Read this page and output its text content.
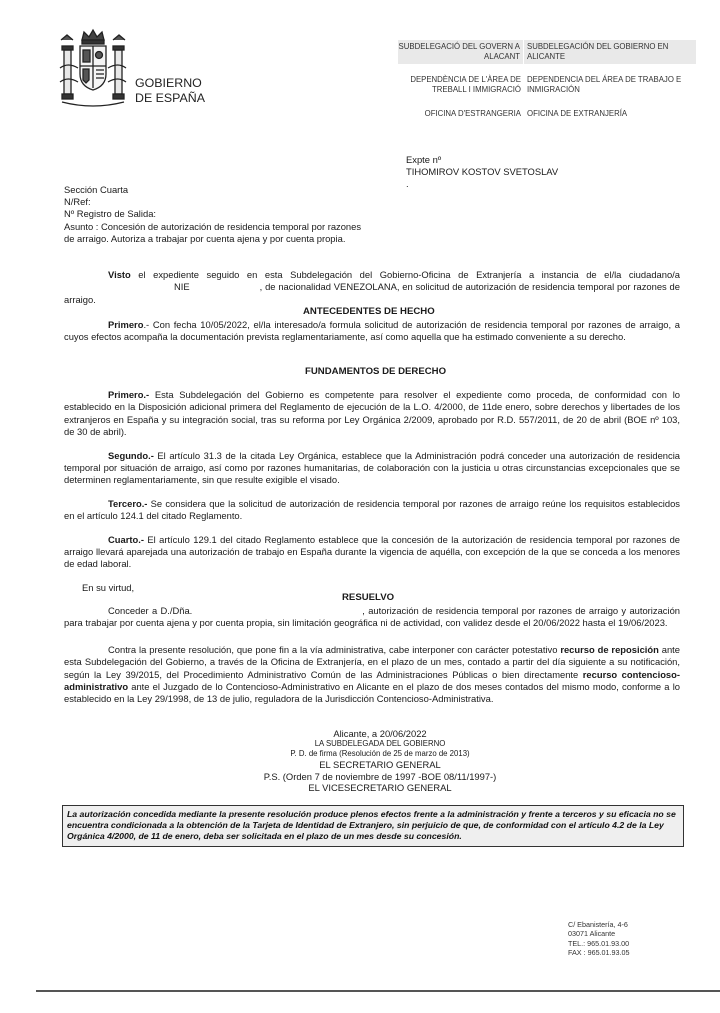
GOBIERNO
DE ESPAÑA
SUBDELEGACIÓ DEL GOVERN A ALACANT
SUBDELEGACIÓN DEL GOBIERNO EN ALICANTE
DEPENDÈNCIA DE L'ÀREA DE TREBALL I IMMIGRACIÓ
DEPENDENCIA DEL ÁREA DE TRABAJO E INMIGRACIÓN
OFICINA D'ESTRANGERIA OFICINA DE EXTRANJERÍA
Expte nº
TIHOMIROV KOSTOV SVETOSLAV
.
Sección Cuarta
N/Ref:
Nº Registro de Salida:
Asunto : Concesión de autorización de residencia temporal por razones de arraigo. Autoriza a trabajar por cuenta ajena y por cuenta propia.

Visto el expediente seguido en esta Subdelegación del Gobierno-Oficina de Extranjería a instancia de el/la ciudadano/a NIE	, de nacionalidad VENEZOLANA, en solicitud de autorización de residencia temporal por razones de arraigo.

ANTECEDENTES DE HECHO

Primero.- Con fecha 10/05/2022, el/la interesado/a formula solicitud de autorización de residencia temporal por razones de arraigo, a cuyos efectos acompaña la documentación prevista reglamentariamente, así como aquella que ha estimado conveniente a su derecho.

FUNDAMENTOS DE DERECHO

Primero.- Esta Subdelegación del Gobierno es competente para resolver el expediente como proceda, de conformidad con lo establecido en la Disposición adicional primera del Reglamento de ejecución de la L.O. 4/2000, de 11de enero, sobre derechos y libertades de los extranjeros en España y su integración social, tras su reforma por Ley Orgánica 2/2009, aprobado por R.D. 557/2011, de 20 de abril (BOE nº 103, de 30 de abril).

Segundo.- El artículo 31.3 de la citada Ley Orgánica, establece que la Administración podrá conceder una autorización de residencia temporal por situación de arraigo, así como por razones humanitarias, de colaboración con la justicia u otras circunstancias excepcionales que se determinen reglamentariamente, sin que resulte exigible el visado.

Tercero.- Se considera que la solicitud de autorización de residencia temporal por razones de arraigo reúne los requisitos establecidos en el artículo 124.1 del citado Reglamento.

Cuarto.- El artículo 129.1 del citado Reglamento establece que la concesión de la autorización de residencia temporal por razones de arraigo llevará aparejada una autorización de trabajo en España durante la vigencia de aquélla, con excepción de la que se conceda a los menores de edad laboral.

En su virtud,

RESUELVO

Conceder a D./Dña.	, autorización de residencia temporal por razones de arraigo y autorización para trabajar por cuenta ajena y por cuenta propia, sin limitación geográfica ni de actividad, con validez desde el 20/06/2022 hasta el 19/06/2023.

Contra la presente resolución, que pone fin a la vía administrativa, cabe interponer con carácter potestativo recurso de reposición ante esta Subdelegación del Gobierno, a través de la Oficina de Extranjería, en el plazo de un mes, contado a partir del día siguiente a su notificación, según la Ley 39/2015, del Procedimiento Administrativo Común de las Administraciones Públicas o bien directamente recurso contencioso-administrativo ante el Juzgado de lo Contencioso-Administrativo en Alicante en el plazo de dos meses contados del mismo modo, conforme a lo establecido en la Ley 29/1998, de 13 de julio, reguladora de la Jurisdicción Contencioso-Administrativa.

Alicante, a 20/06/2022
LA SUBDELEGADA DEL GOBIERNO
P. D. de firma (Resolución de 25 de marzo de 2013)
EL SECRETARIO GENERAL
P.S. (Orden 7 de noviembre de 1997 -BOE 08/11/1997-)
EL VICESECRETARIO GENERAL
La autorización concedida mediante la presente resolución produce plenos efectos frente a la administración y frente a terceros y su eficacia no se encuentra condicionada a la obtención de la Tarjeta de Identidad de Extranjero, sin perjuicio de que, de conformidad con el artículo 4.2 de la Ley Orgánica 4/2000, de 11 de enero, deba ser solicitada en el plazo de un mes desde su concesión.
C/ Ebanistería, 4-6
03071 Alicante
TEL.: 965.01.93.00
FAX : 965.01.93.05
